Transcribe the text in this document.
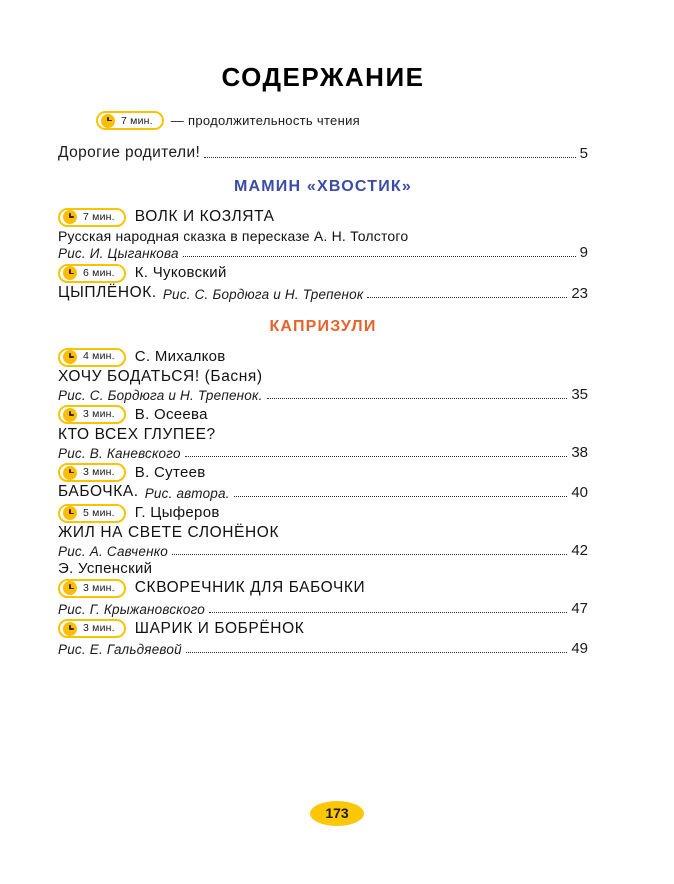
СОДЕРЖАНИЕ
7 мин. — продолжительность чтения
Дорогие родители!	5
МАМИН «ХВОСТИК»
7 мин. ВОЛК И КОЗЛЯТА
Русская народная сказка в пересказе А. Н. Толстого
Рис. И. Цыганкова	9
6 мин. К. Чуковский
ЦЫПЛЁНОК. Рис. С. Бордюга и Н. Трепенок	23
КАПРИЗУЛИ
4 мин. С. Михалков
ХОЧУ БОДАТЬСЯ! (Басня)
Рис. С. Бордюга и Н. Трепенок.	35
3 мин. В. Осеева
КТО ВСЕХ ГЛУПЕЕ?
Рис. В. Каневского	38
3 мин. В. Сутеев
БАБОЧКА. Рис. автора.	40
5 мин. Г. Цыферов
ЖИЛ НА СВЕТЕ СЛОНЁНОК
Рис. А. Савченко	42
Э. Успенский
3 мин. СКВОРЕЧНИК ДЛЯ БАБОЧКИ
Рис. Г. Крыжановского	47
3 мин. ШАРИК И БОБРЁНОК
Рис. Е. Гальдяевой	49
173
